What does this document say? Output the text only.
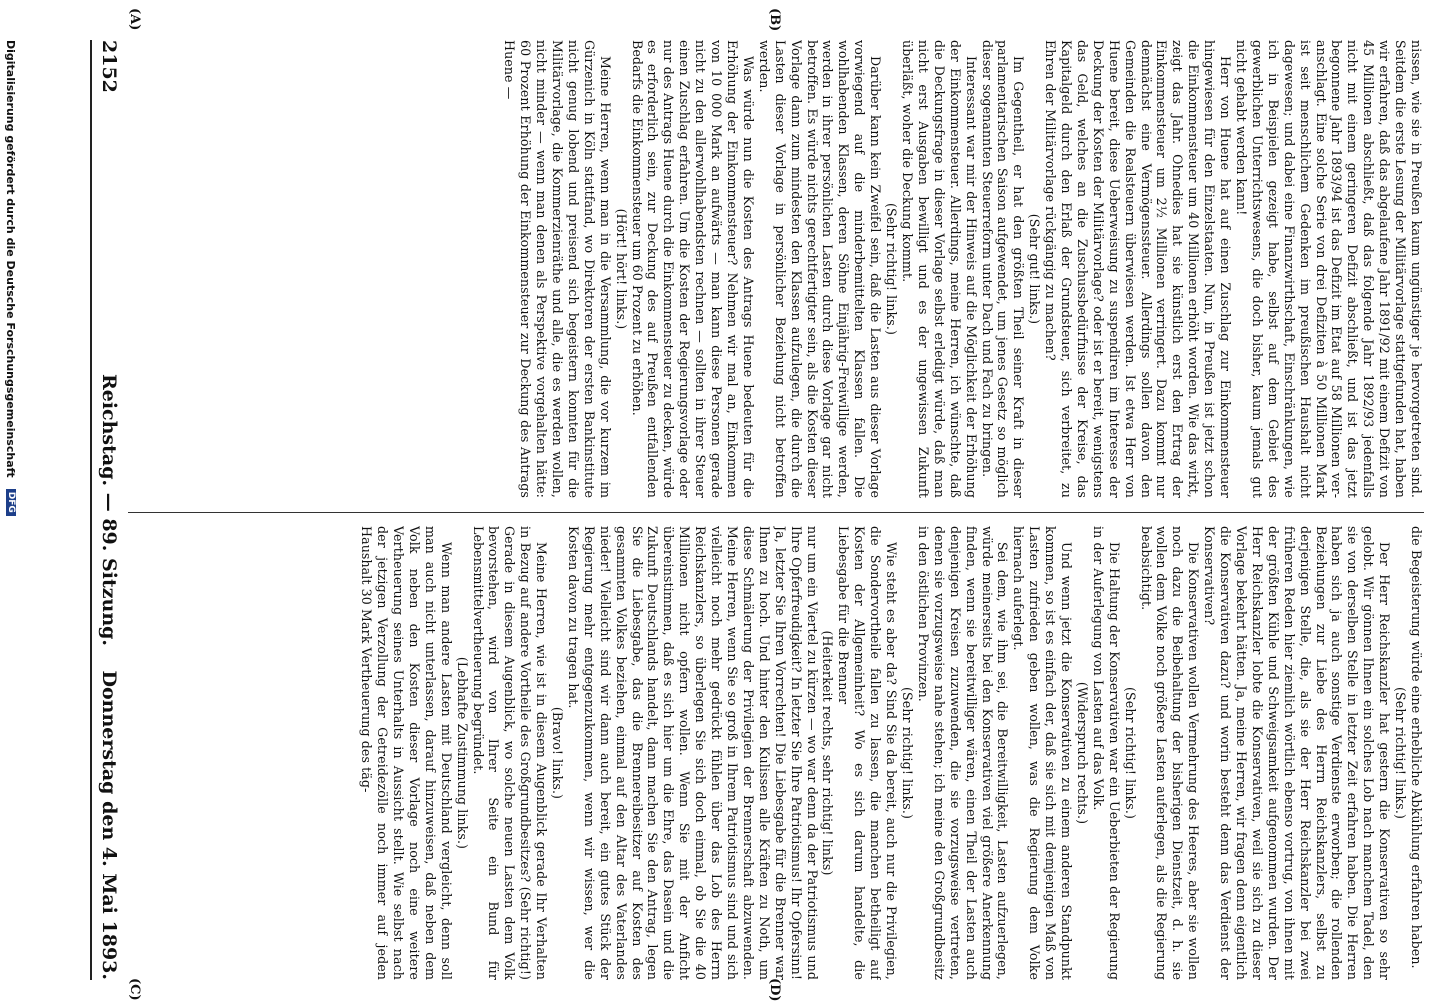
2152
Reichstag. — 89. Sitzung.
Donnerstag den 4. Mai 1893.
(A)	(B)
(C)	(D)

nissen, wie sie in Preußen kaum ungünstiger je hervorgetreten sind. Seitdem die erste Lesung der Militärvorlage stattgefunden hat, haben wir erfahren, daß das abgelaufene Jahr 1891/92 mit einem Defizit von 45 Millionen abschließt, daß das folgende Jahr 1892/93 jedenfalls nicht mit einem geringeren Defizit abschließt, und ist das jetzt begonnene Jahr 1893/94 ist das Defizit im Etat auf 58 Millionen veranschlagt. Eine solche Serie von drei Defiziten à 50 Millionen Mark ist seit menschlichem Gedenken im preußischen Haushalt nicht dagewesen; und dabei eine Finanzwirthschaft, Einschränkungen, wie ich in Beispielen gezeigt habe, selbst auf dem Gebiet des gewerblichen Unterrichtswesens, die doch bisher, kaum jemals gut nicht gehabt werden kann!

Herr von Huene hat auf einen Zuschlag zur Einkommensteuer hingewiesen für den Einzelstaaten. Nun, in Preußen ist jetzt schon die Einkommensteuer um 40 Millionen erhöht worden. Wie das wirkt, zeigt das Jahr. Ohnedies hat sie künstlich erst den Ertrag der Einkommensteuer um 2½ Millionen verringert. Dazu kommt nur demnächst eine Vermögenssteuer. Allerdings sollen davon den Gemeinden die Realsteuern überwiesen werden. Ist etwa Herr von Huene bereit, diese Ueberweisung zu suspendiren im Interesse der Deckung der Kosten der Militärvorlage? oder ist er bereit, wenigstens das Geld, welches an die Zuschussbedürfnisse der Kreise, das Kapitalgeld durch den Erlaß der Grundsteuer, sich verbreitet, zu Ehren der Militärvorlage rückgängig zu machen?

(Sehr gut! links.)

Im Gegentheil, er hat den größten Theil seiner Kraft in dieser parlamentarischen Saison aufgewendet, um jenes Gesetz so möglich dieser sogenannten Steuerreform unter Dach und Fach zu bringen.

Interessant war mir der Hinweis auf die Möglichkeit der Erhöhung der Einkommensteuer. Allerdings, meine Herren, ich wünschte, daß die Deckungsfrage in dieser Vorlage selbst erledigt würde, daß man nicht erst Ausgaben bewilligt und es der ungewissen Zukunft überläßt, woher die Deckung kommt.

(Sehr richtig! links.)

Darüber kann kein Zweifel sein, daß die Lasten aus dieser Vorlage vorwiegend auf die minderbemittelten Klassen fallen. Die wohlhabenden Klassen, deren Söhne Einjährig-Freiwillige werden, werden in ihrer persönlichen Lasten durch diese Vorlage gar nicht betroffen. Es würde nichts gerechtfertigter sein, als die Kosten dieser Vorlage dann zum mindesten den Klassen aufzulegen, die durch die Lasten dieser Vorlage in persönlicher Beziehung nicht betroffen werden.

Was würde nun die Kosten des Antrags Huene bedeuten für die Erhöhung der Einkommensteuer? Nehmen wir mal an, Einkommen von 10 000 Mark an aufwärts — man kann diese Personen gerade nicht zu den allerwohlhabendsten rechnen — sollten in ihrer Steuer einen Zuschlag erfahren. Um die Kosten der Regierungsvorlage oder nur des Antrags Huene durch die Einkommensteuer zu decken, würde es erforderlich sein, zur Deckung des auf Preußen entfallenden Bedarfs die Einkommensteuer um 60 Prozent zu erhöhen.

(Hört! hört! links.)

Meine Herren, wenn man in die Versammlung, die vor kurzem im Gürzenich in Köln stattfand, wo Direktoren der ersten Bankinstitute nicht genug lobend und preisend sich begeistern konnten für die Militärvorlage, die Kommerzienräthe und alle, die es werden wollen, nicht minder — wenn man denen als Perspektive vorgehalten hätte: 60 Prozent Erhöhung der Einkommensteuer zur Deckung des Antrags Huene —

die Begeisterung würde eine erhebliche Abkühlung erfahren haben.

(Sehr richtig! links.)

Der Herr Reichskanzler hat gestern die Konservativen so sehr gelobt. Wir gönnen Ihnen ein solches Lob nach manchem Tadel, den sie von derselben Stelle in letzter Zeit erfahren haben. Die Herren haben sich ja auch sonstige Verdienste erworben; die rollenden Beziehungen zur Liebe des Herrn Reichskanzlers, selbst zu derjenigen Stelle, die, als sie der Herr Reichskanzler bei zwei früheren Reden hier ziemlich wörtlich ebenso vortrug, von ihnen mit der größten Kühle und Schweigsamkeit aufgenommen wurden. Der Herr Reichskanzler lobte die Konservativen, weil sie sich zu dieser Vorlage bekehrt hätten. Ja, meine Herren, wir fragen denn eigentlich die Konservativen dazu? und worin besteht denn das Verdienst der Konservativen?

Die Konservativen wollen Vermehrung des Heeres, aber sie wollen noch dazu die Beibehaltung der bisherigen Dienstzeit, d. h. sie wollen dem Volke noch größere Lasten auferlegen, als die Regierung beabsichtigt.

(Sehr richtig! links.)

Die Haltung der Konservativen war ein Ueberbieten der Regierung in der Auferlegung von Lasten auf das Volk.

(Widerspruch rechts.)

Und wenn jetzt die Konservativen zu einem anderen Standpunkt kommen, so ist es einfach der, daß sie sich mit demjenigen Maß von Lasten zufrieden geben wollen, was die Regierung dem Volke hiernach auferlegt.

Sei dem, wie ihm sei, die Bereitwilligkeit, Lasten aufzuerlegen, würde meinerseits bei den Konservativen viel größere Anerkennung finden, wenn sie bereitwilliger wären, einen Theil der Lasten auch denjenigen Kreisen zuzuwenden, die sie vorzugsweise vertreten, denen sie vorzugsweise nahe stehen; ich meine den Großgrundbesitz in den östlichen Provinzen.

(Sehr richtig! links.)

Wie steht es aber da? Sind Sie da bereit, auch nur die Privilegien, die Sondervortheile fallen zu lassen, die manchen betheiligt auf Kosten der Allgemeinheit? Wo es sich darum handelte, die Liebesgabe für die Brenner

(Heiterkeit rechts, sehr richtig! links)

nur um ein Viertel zu kürzen — wo war denn da der Patriotismus und Ihre Opferfreudigkeit? In letzter Sie Ihre Patriotismus! Ihr Opfersinn! Ja, letzter Sie Ihren Vorrechten! Die Liebesgabe für die Brenner war Ihnen zu hoch. Und hinter den Kulissen alle Kräften zu Noth, um diese Schmälerung der Privilegien der Brennerschaft abzuwenden. Meine Herren, wenn Sie so groß in Ihrem Patriotismus sind und sich vielleicht noch mehr gedrückt fühlen über das Lob des Herrn Reichskanzlers, so überlegen Sie sich doch einmal, ob Sie die 40 Millionen nicht opfern wollen. Wenn Sie mit der Anficht übereinstimmen, daß es sich hier um die Ehre, das Dasein und die Zukunft Deutschlands handelt, dann machen Sie den Antrag, legen Sie die Liebesgabe, das die Brennereibesitzer auf Kosten des gesammten Volkes beziehen, einmal auf den Altar des Vaterlandes nieder! Vielleicht sind wir dann auch bereit, ein gutes Stück der Regierung mehr entgegenzukommen, wenn wir wissen, wer die Kosten davon zu tragen hat.

(Bravo! links.)

Meine Herren, wie ist in diesem Augenblick gerade Ihr Verhalten in Bezug auf andere Vortheile des Großgrundbesitzes? (Sehr richtig!) Gerade in diesem Augenblick, wo solche neuen Lasten dem Volk bevorstehen, wird von Ihrer Seite ein Bund für Lebensmittelvertheuerung begründet.

(Lebhafte Zustimmung links.)

Wenn man andere Lasten mit Deutschland vergleicht, denn soll man auch nicht unterlassen, darauf hinzuweisen, daß neben dem Volk neben den Kosten dieser Vorlage noch eine weitere Vertheuerung seines Unterhalts in Aussicht stellt. Wie selbst nach der jetzigen Verzollung der Getreidezölle noch immer auf jeden Haushalt 30 Mark Vertheuerung des täg-

Digitalisierung gefördert durch die Deutsche Forschungsgemeinschaft DFG
